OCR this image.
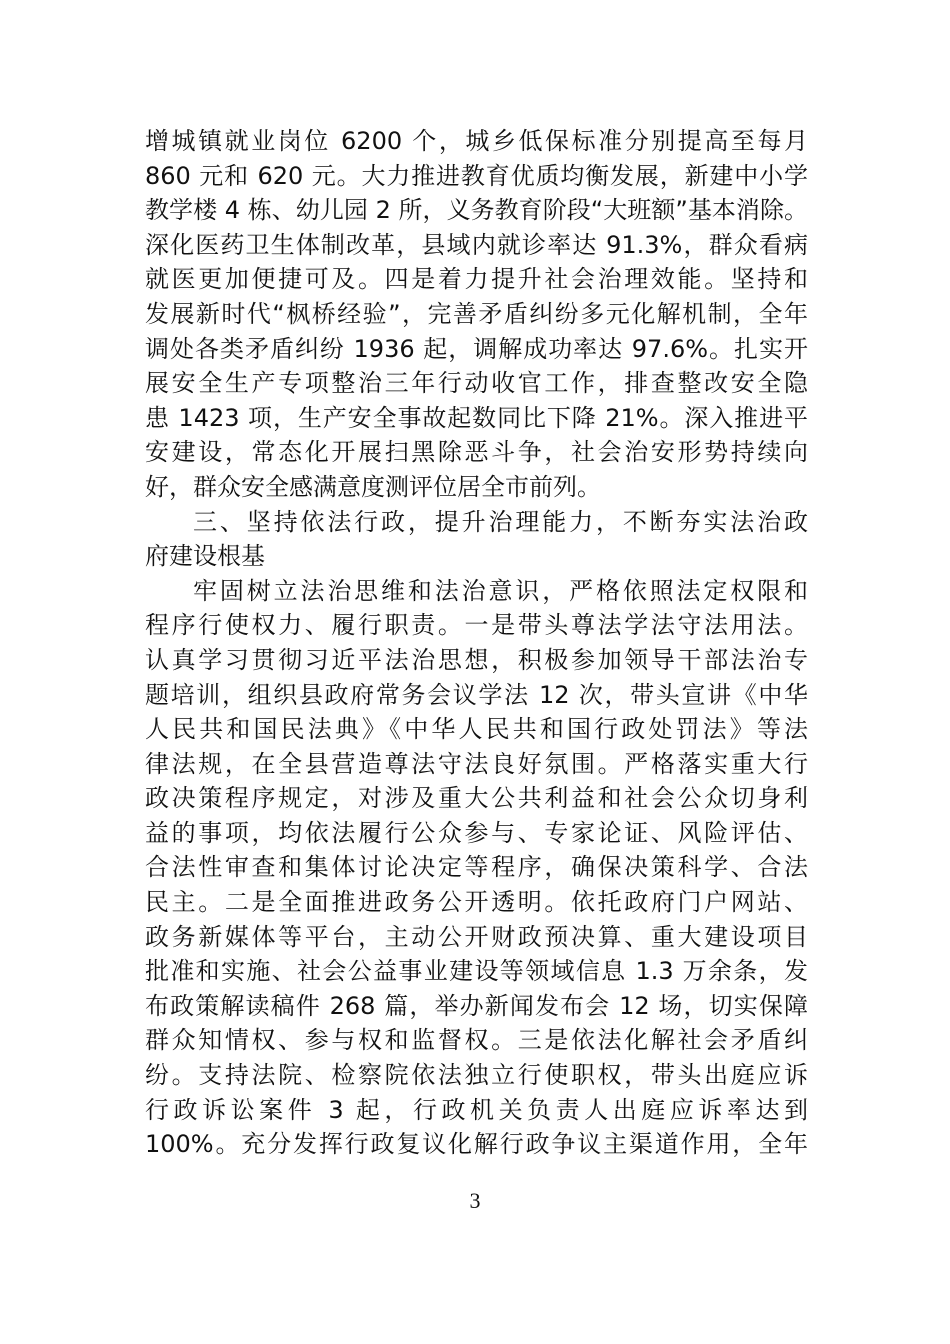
增城镇就业岗位 6200 个，城乡低保标准分别提高至每月
860 元和 620 元。大力推进教育优质均衡发展，新建中小学
教学楼 4 栋、幼儿园 2 所，义务教育阶段“大班额”基本消除。
深化医药卫生体制改革，县域内就诊率达 91.3%，群众看病
就医更加便捷可及。四是着力提升社会治理效能。坚持和
发展新时代“枫桥经验”，完善矛盾纠纷多元化解机制，全年
调处各类矛盾纠纷 1936 起，调解成功率达 97.6%。扎实开
展安全生产专项整治三年行动收官工作，排查整改安全隐
患 1423 项，生产安全事故起数同比下降 21%。深入推进平
安建设，常态化开展扫黑除恶斗争，社会治安形势持续向
好，群众安全感满意度测评位居全市前列。
三、坚持依法行政，提升治理能力，不断夯实法治政
府建设根基
牢固树立法治思维和法治意识，严格依照法定权限和
程序行使权力、履行职责。一是带头尊法学法守法用法。
认真学习贯彻习近平法治思想，积极参加领导干部法治专
题培训，组织县政府常务会议学法 12 次，带头宣讲《中华
人民共和国民法典》《中华人民共和国行政处罚法》等法
律法规，在全县营造尊法守法良好氛围。严格落实重大行
政决策程序规定，对涉及重大公共利益和社会公众切身利
益的事项，均依法履行公众参与、专家论证、风险评估、
合法性审查和集体讨论决定等程序，确保决策科学、合法
民主。二是全面推进政务公开透明。依托政府门户网站、
政务新媒体等平台，主动公开财政预决算、重大建设项目
批准和实施、社会公益事业建设等领域信息 1.3 万余条，发
布政策解读稿件 268 篇，举办新闻发布会 12 场，切实保障
群众知情权、参与权和监督权。三是依法化解社会矛盾纠
纷。支持法院、检察院依法独立行使职权，带头出庭应诉
行政诉讼案件 3 起，行政机关负责人出庭应诉率达到
100%。充分发挥行政复议化解行政争议主渠道作用，全年
3
